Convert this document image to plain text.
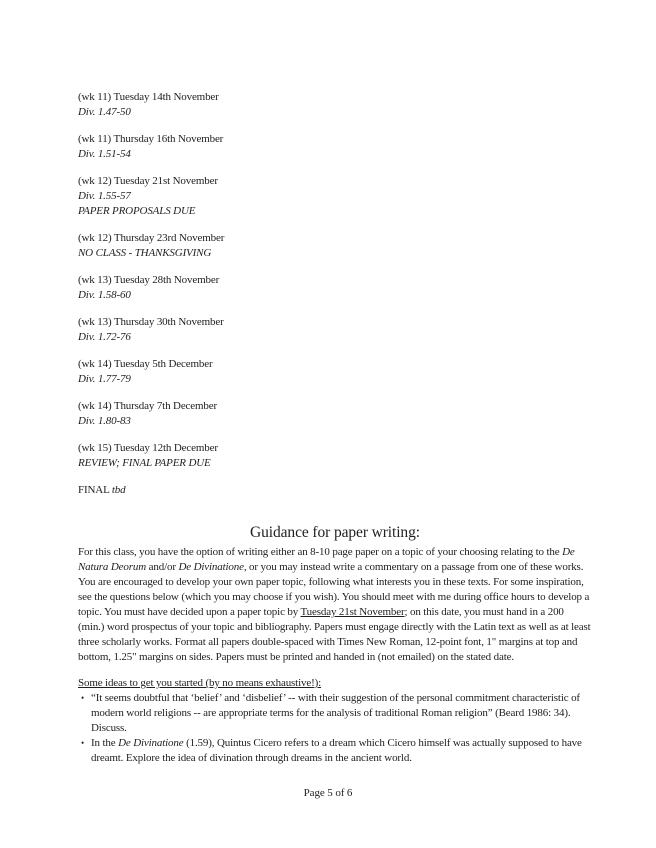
(wk 11) Tuesday 14th November

Div. 1.47-50

(wk 11) Thursday 16th November

Div. 1.51-54

(wk 12) Tuesday 21st November

Div. 1.55-57

PAPER PROPOSALS DUE

(wk 12) Thursday 23rd November

NO CLASS - THANKSGIVING

(wk 13) Tuesday 28th November

Div. 1.58-60

(wk 13) Thursday 30th November

Div. 1.72-76

(wk 14) Tuesday 5th December

Div. 1.77-79

(wk 14) Thursday 7th December

Div. 1.80-83

(wk 15) Tuesday 12th December

REVIEW; FINAL PAPER DUE

FINAL tbd

Guidance for paper writing:

For this class, you have the option of writing either an 8-10 page paper on a topic of your choosing relating to the De Natura Deorum and/or De Divinatione, or you may instead write a commentary on a passage from one of these works. You are encouraged to develop your own paper topic, following what interests you in these texts. For some inspiration, see the questions below (which you may choose if you wish). You should meet with me during office hours to develop a topic. You must have decided upon a paper topic by Tuesday 21st November; on this date, you must hand in a 200 (min.) word prospectus of your topic and bibliography. Papers must engage directly with the Latin text as well as at least three scholarly works. Format all papers double-spaced with Times New Roman, 12-point font, 1" margins at top and bottom, 1.25" margins on sides. Papers must be printed and handed in (not emailed) on the stated date.

Some ideas to get you started (by no means exhaustive!):

• “It seems doubtful that ‘belief’ and ‘disbelief’ -- with their suggestion of the personal commitment characteristic of modern world religions -- are appropriate terms for the analysis of traditional Roman religion” (Beard 1986: 34). Discuss.
• In the De Divinatione (1.59), Quintus Cicero refers to a dream which Cicero himself was actually supposed to have dreamt. Explore the idea of divination through dreams in the ancient world.
Page 5 of 6
